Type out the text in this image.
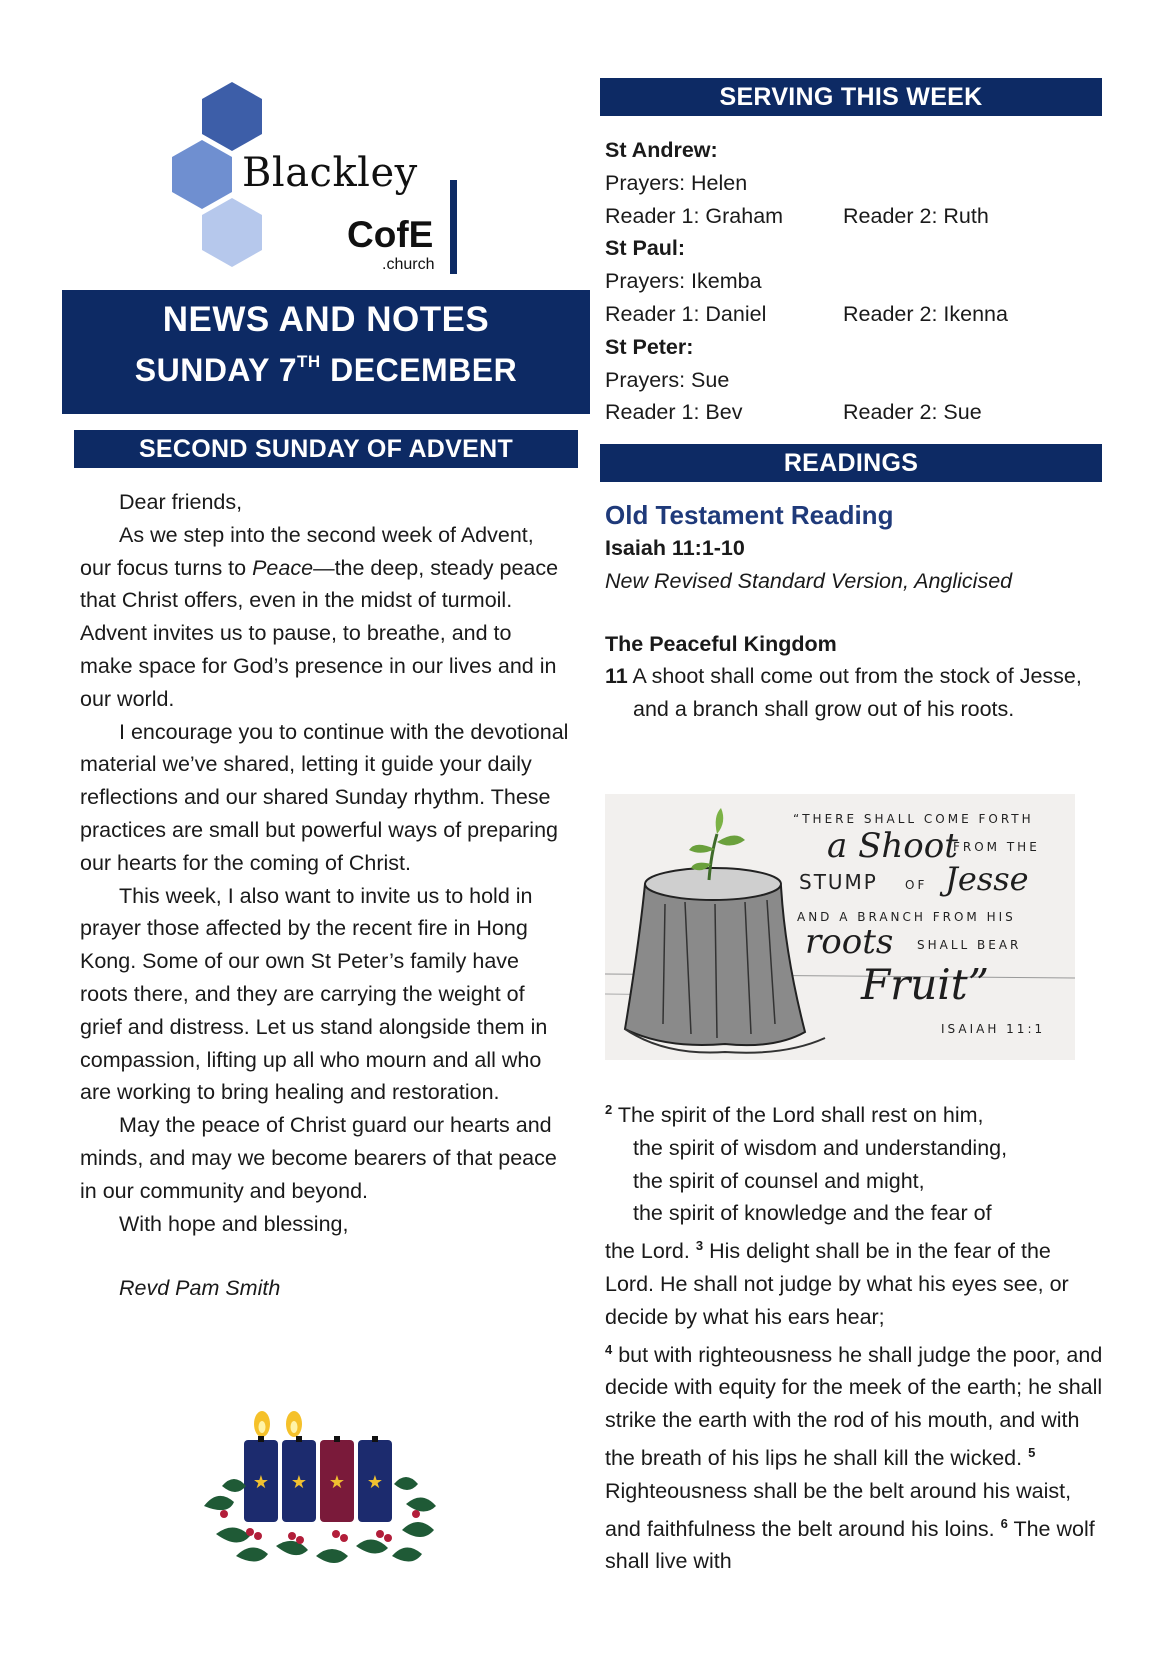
Blackley
CofE
.church
NEWS AND NOTES
SUNDAY 7TH DECEMBER
SECOND SUNDAY OF ADVENT

Dear friends,

As we step into the second week of Advent, our focus turns to Peace—the deep, steady peace that Christ offers, even in the midst of turmoil. Advent invites us to pause, to breathe, and to make space for God’s presence in our lives and in our world.

I encourage you to continue with the devotional material we’ve shared, letting it guide your daily reflections and our shared Sunday rhythm. These practices are small but powerful ways of preparing our hearts for the coming of Christ.

This week, I also want to invite us to hold in prayer those affected by the recent fire in Hong Kong. Some of our own St Peter’s family have roots there, and they are carrying the weight of grief and distress. Let us stand alongside them in compassion, lifting up all who mourn and all who are working to bring healing and restoration.

May the peace of Christ guard our hearts and minds, and may we become bearers of that peace in our community and beyond.

With hope and blessing,

Revd Pam Smith

★ ★ ★ ★
SERVING THIS WEEK
St Andrew:
Prayers: Helen
Reader 1: Graham	Reader 2: Ruth
St Paul:
Prayers: Ikemba
Reader 1: Daniel	Reader 2: Ikenna
St Peter:
Prayers: Sue
Reader 1: Bev	Reader 2: Sue
READINGS
Old Testament Reading
Isaiah 11:1-10
New Revised Standard Version, Anglicised
The Peaceful Kingdom
11 A shoot shall come out from the stock of Jesse,
and a branch shall grow out of his roots.
“THERE SHALL COME FORTH
a Shoot
FROM THE
STUMP OF Jesse
AND A BRANCH FROM HIS
roots SHALL BEAR
Fruit”
ISAIAH 11:1
$^2$ The spirit of the Lord shall rest on him,
the spirit of wisdom and understanding,
the spirit of counsel and might,
the spirit of knowledge and the fear of
the Lord. $^3$ His delight shall be in the fear of the Lord. He shall not judge by what his eyes see, or decide by what his ears hear;
$^4$ but with righteousness he shall judge the poor, and decide with equity for the meek of the earth; he shall strike the earth with the rod of his mouth, and with the breath of his lips he shall kill the wicked. $^5$ Righteousness shall be the belt around his waist, and faithfulness the belt around his loins. $^6$ The wolf shall live with
